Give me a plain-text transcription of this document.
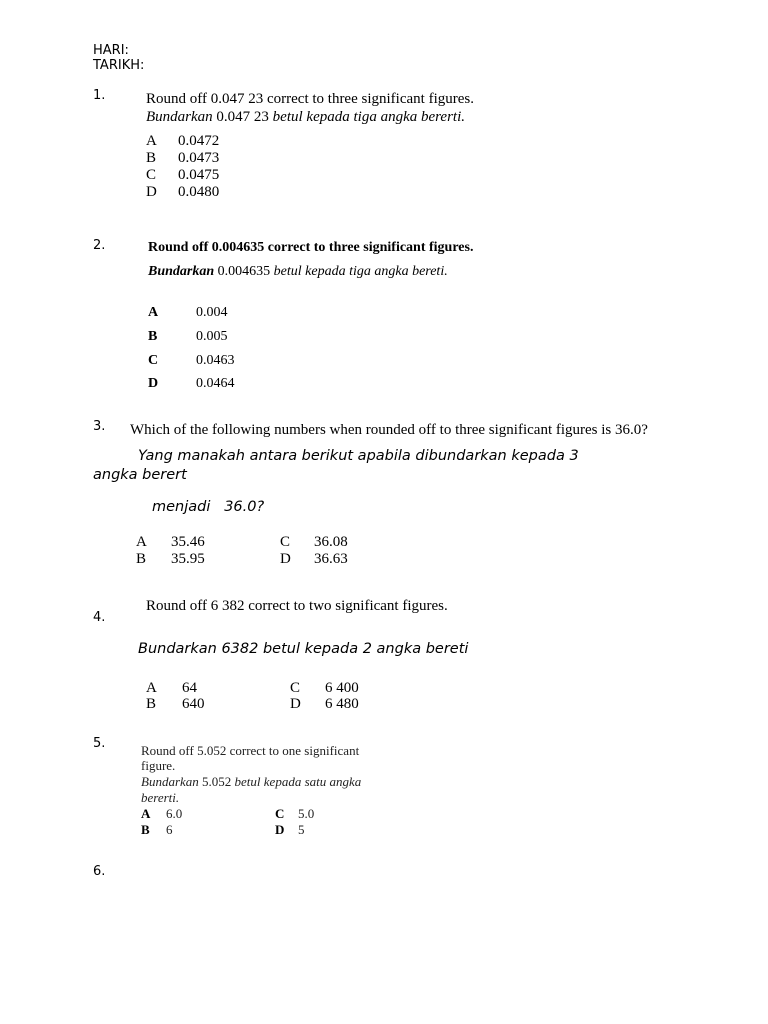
HARI:
TARIKH:
1.	Round off 0.047 23 correct to three significant figures.
Bundarkan 0.047 23 betul kepada tiga angka bererti.
A 0.0472
B 0.0473
C 0.0475
D 0.0480
2.	Round off 0.004635 correct to three significant figures.
Bundarkan 0.004635 betul kepada tiga angka bereti.
A	0.004
B	0.005
C	0.0463
D	0.0464
3. Which of the following numbers when rounded off to three significant figures is 36.0?
Yang manakah antara berikut apabila dibundarkan kepada 3
angka berert
menjadi   36.0?
A 35.46
B 35.95
C 36.08
D 36.63
Round off 6 382 correct to two significant figures.
4.
Bundarkan 6382 betul kepada 2 angka bereti
A 64
B 640
C 6 400
D 6 480
5.	Round off 5.052 correct to one significant
figure.
Bundarkan 5.052 betul kepada satu angka
bererti.
A 6.0
B 6
C 5.0
D 5
6.
